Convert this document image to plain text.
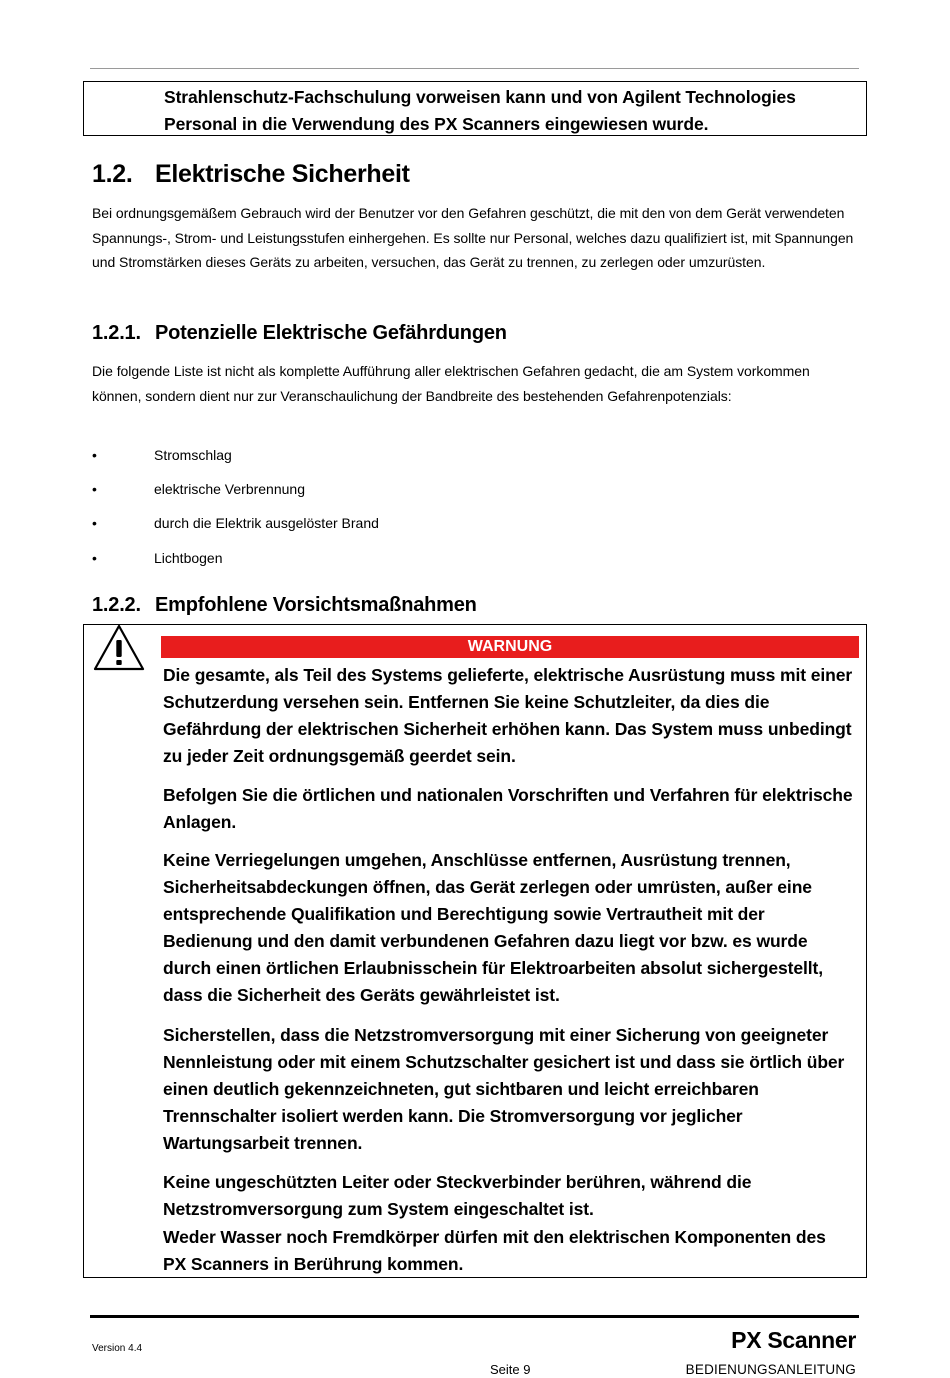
Strahlenschutz-Fachschulung vorweisen kann und von Agilent Technologies
Personal in die Verwendung des PX Scanners eingewiesen wurde.
1.2. Elektrische Sicherheit

Bei ordnungsgemäßem Gebrauch wird der Benutzer vor den Gefahren geschützt, die mit den von dem Gerät verwendeten Spannungs-, Strom- und Leistungsstufen einhergehen. Es sollte nur Personal, welches dazu qualifiziert ist, mit Spannungen und Stromstärken dieses Geräts zu arbeiten, versuchen, das Gerät zu trennen, zu zerlegen oder umzurüsten.

1.2.1. Potenzielle Elektrische Gefährdungen

Die folgende Liste ist nicht als komplette Aufführung aller elektrischen Gefahren gedacht, die am System vorkommen können, sondern dient nur zur Veranschaulichung der Bandbreite des bestehenden Gefahrenpotenzials:

•	Stromschlag
•	elektrische Verbrennung
•	durch die Elektrik ausgelöster Brand
•	Lichtbogen
1.2.2. Empfohlene Vorsichtsmaßnahmen
WARNUNG

Die gesamte, als Teil des Systems gelieferte, elektrische Ausrüstung muss mit einer Schutzerdung versehen sein. Entfernen Sie keine Schutzleiter, da dies die Gefährdung der elektrischen Sicherheit erhöhen kann. Das System muss unbedingt zu jeder Zeit ordnungsgemäß geerdet sein.

Befolgen Sie die örtlichen und nationalen Vorschriften und Verfahren für elektrische Anlagen.

Keine Verriegelungen umgehen, Anschlüsse entfernen, Ausrüstung trennen, Sicherheitsabdeckungen öffnen, das Gerät zerlegen oder umrüsten, außer eine entsprechende Qualifikation und Berechtigung sowie Vertrautheit mit der Bedienung und den damit verbundenen Gefahren dazu liegt vor bzw. es wurde durch einen örtlichen Erlaubnisschein für Elektroarbeiten absolut sichergestellt, dass die Sicherheit des Geräts gewährleistet ist.

Sicherstellen, dass die Netzstromversorgung mit einer Sicherung von geeigneter Nennleistung oder mit einem Schutzschalter gesichert ist und dass sie örtlich über einen deutlich gekennzeichneten, gut sichtbaren und leicht erreichbaren Trennschalter isoliert werden kann. Die Stromversorgung vor jeglicher Wartungsarbeit trennen.

Keine ungeschützten Leiter oder Steckverbinder berühren, während die Netzstromversorgung zum System eingeschaltet ist.

Weder Wasser noch Fremdkörper dürfen mit den elektrischen Komponenten des PX Scanners in Berührung kommen.

Version 4.4
Seite 9
PX Scanner
BEDIENUNGSANLEITUNG
